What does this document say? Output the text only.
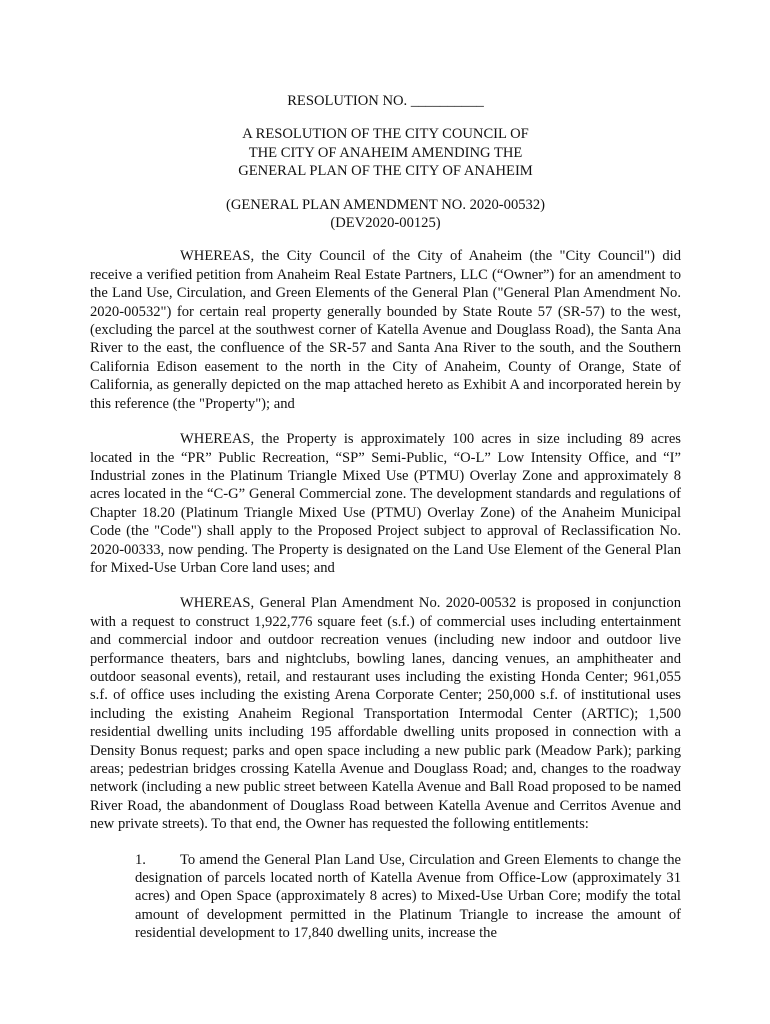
RESOLUTION NO. __________
A RESOLUTION OF THE CITY COUNCIL OF
THE CITY OF ANAHEIM AMENDING THE
GENERAL PLAN OF THE CITY OF ANAHEIM
(GENERAL PLAN AMENDMENT NO. 2020-00532)
(DEV2020-00125)

WHEREAS, the City Council of the City of Anaheim (the "City Council") did receive a verified petition from Anaheim Real Estate Partners, LLC (“Owner”) for an amendment to the Land Use, Circulation, and Green Elements of the General Plan ("General Plan Amendment No. 2020-00532") for certain real property generally bounded by State Route 57 (SR-57) to the west, (excluding the parcel at the southwest corner of Katella Avenue and Douglass Road), the Santa Ana River to the east, the confluence of the SR-57 and Santa Ana River to the south, and the Southern California Edison easement to the north in the City of Anaheim, County of Orange, State of California, as generally depicted on the map attached hereto as Exhibit A and incorporated herein by this reference (the "Property"); and

WHEREAS, the Property is approximately 100 acres in size including 89 acres located in the “PR” Public Recreation, “SP” Semi-Public, “O-L” Low Intensity Office, and “I” Industrial zones in the Platinum Triangle Mixed Use (PTMU) Overlay Zone and approximately 8 acres located in the “C-G” General Commercial zone. The development standards and regulations of Chapter 18.20 (Platinum Triangle Mixed Use (PTMU) Overlay Zone) of the Anaheim Municipal Code (the "Code") shall apply to the Proposed Project subject to approval of Reclassification No. 2020-00333, now pending. The Property is designated on the Land Use Element of the General Plan for Mixed-Use Urban Core land uses; and

WHEREAS, General Plan Amendment No. 2020-00532 is proposed in conjunction with a request to construct 1,922,776 square feet (s.f.) of commercial uses including entertainment and commercial indoor and outdoor recreation venues (including new indoor and outdoor live performance theaters, bars and nightclubs, bowling lanes, dancing venues, an amphitheater and outdoor seasonal events), retail, and restaurant uses including the existing Honda Center; 961,055 s.f. of office uses including the existing Arena Corporate Center; 250,000 s.f. of institutional uses including the existing Anaheim Regional Transportation Intermodal Center (ARTIC); 1,500 residential dwelling units including 195 affordable dwelling units proposed in connection with a Density Bonus request; parks and open space including a new public park (Meadow Park); parking areas; pedestrian bridges crossing Katella Avenue and Douglass Road; and, changes to the roadway network (including a new public street between Katella Avenue and Ball Road proposed to be named River Road, the abandonment of Douglass Road between Katella Avenue and Cerritos Avenue and new private streets). To that end, the Owner has requested the following entitlements:

1. To amend the General Plan Land Use, Circulation and Green Elements to change the designation of parcels located north of Katella Avenue from Office-Low (approximately 31 acres) and Open Space (approximately 8 acres) to Mixed-Use Urban Core; modify the total amount of development permitted in the Platinum Triangle to increase the amount of residential development to 17,840 dwelling units, increase the
